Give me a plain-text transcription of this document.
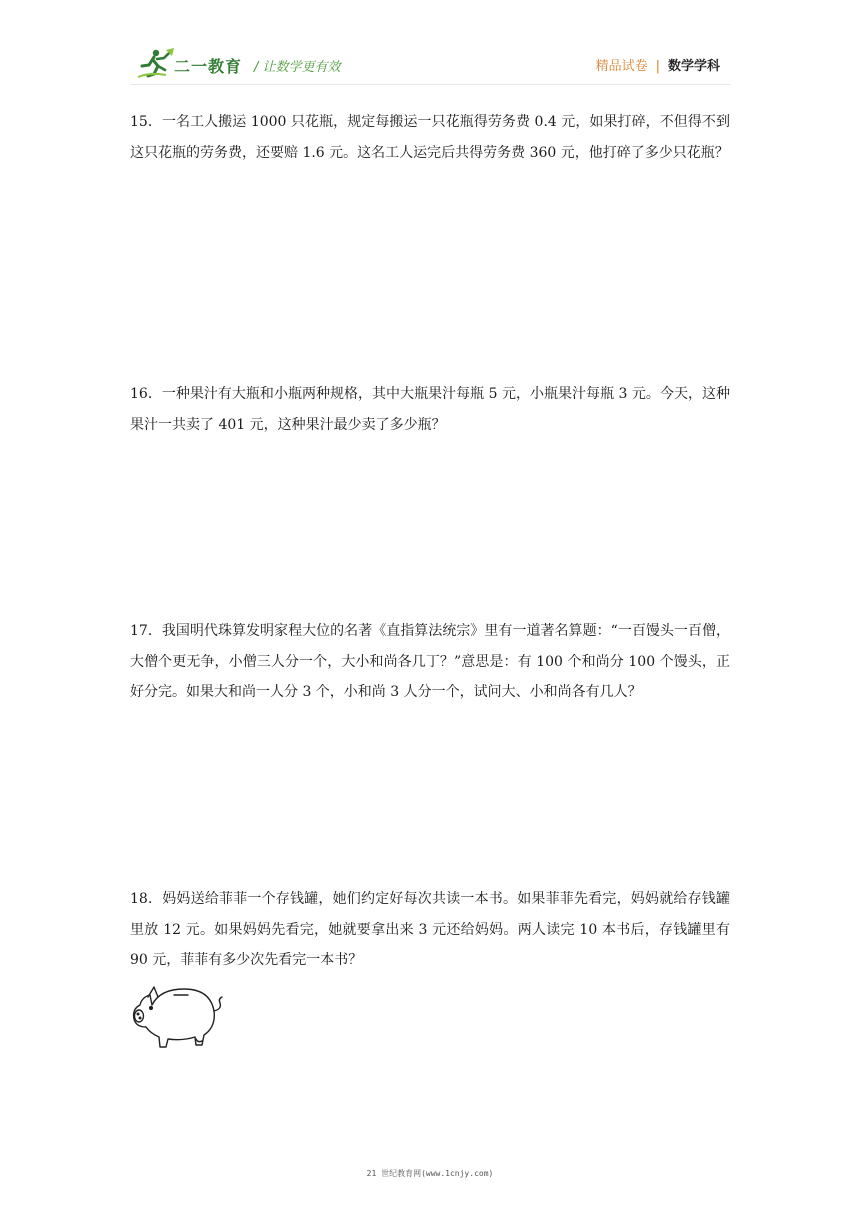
二一教育 / 让数学更有效	精品试卷 | 数学学科

15．一名工人搬运 1000 只花瓶，规定每搬运一只花瓶得劳务费 0.4 元，如果打碎，不但得不到这只花瓶的劳务费，还要赔 1.6 元。这名工人运完后共得劳务费 360 元，他打碎了多少只花瓶？

16．一种果汁有大瓶和小瓶两种规格，其中大瓶果汁每瓶 5 元，小瓶果汁每瓶 3 元。今天，这种果汁一共卖了 401 元，这种果汁最少卖了多少瓶？

17．我国明代珠算发明家程大位的名著《直指算法统宗》里有一道著名算题：“一百馒头一百僧，大僧个更无争，小僧三人分一个，大小和尚各几丁？”意思是：有 100 个和尚分 100 个馒头，正好分完。如果大和尚一人分 3 个，小和尚 3 人分一个，试问大、小和尚各有几人？

18．妈妈送给菲菲一个存钱罐，她们约定好每次共读一本书。如果菲菲先看完，妈妈就给存钱罐里放 12 元。如果妈妈先看完，她就要拿出来 3 元还给妈妈。两人读完 10 本书后，存钱罐里有 90 元，菲菲有多少次先看完一本书？

21 世纪教育网(www.1cnjy.com)
